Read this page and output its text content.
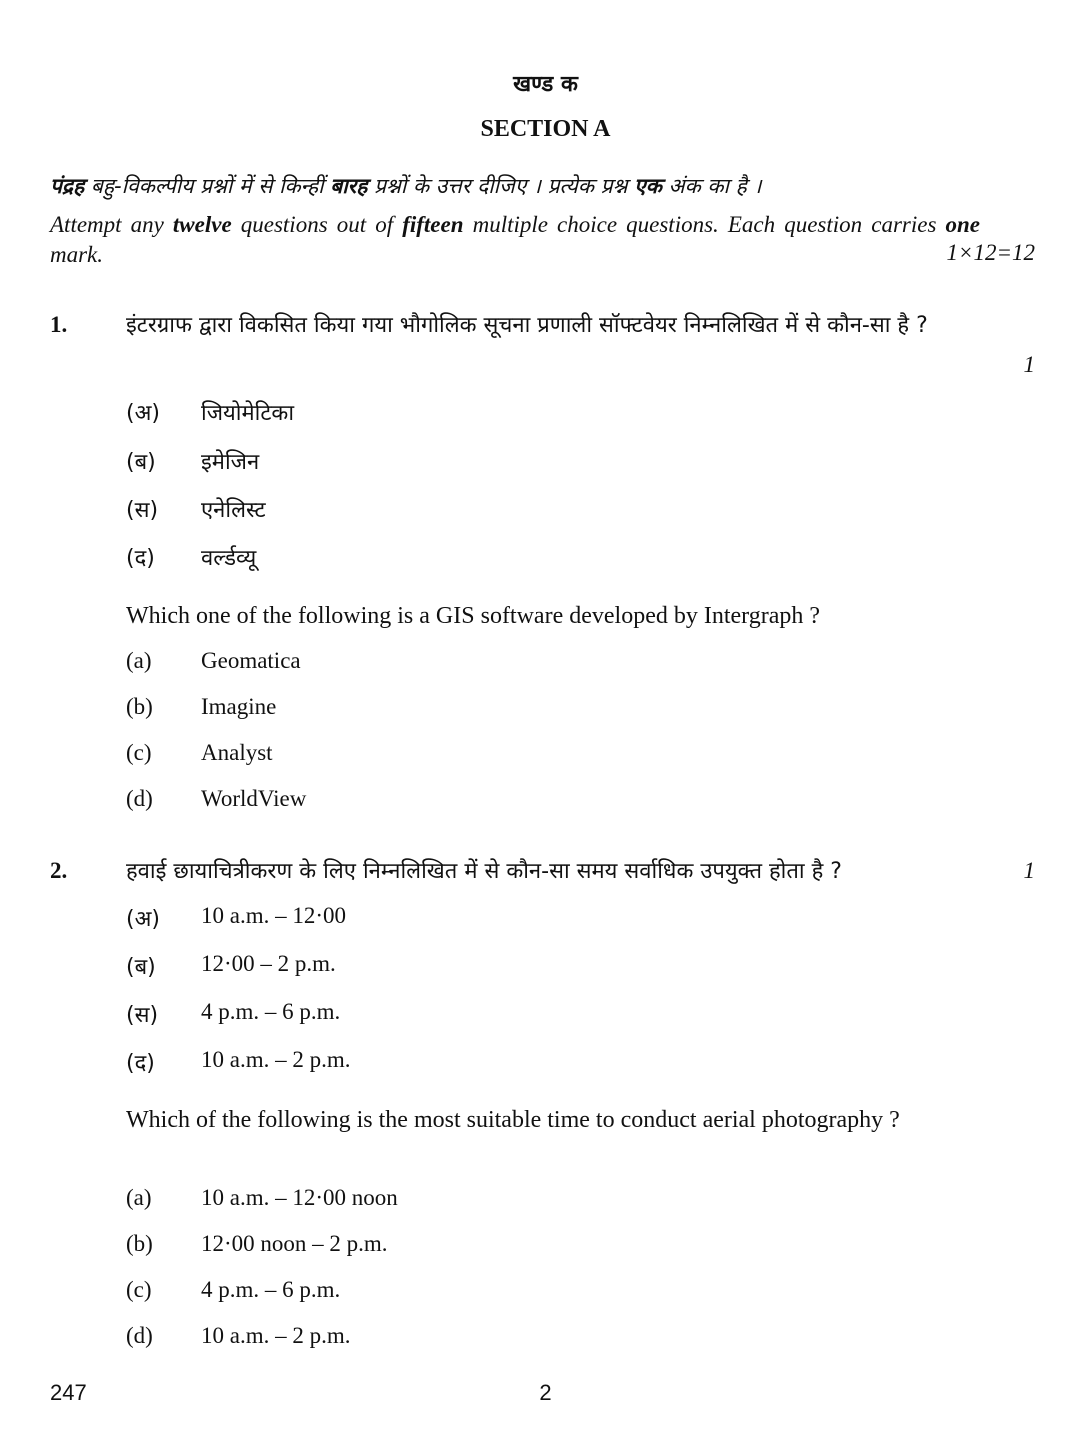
खण्ड क
SECTION A
पंद्रह बहु-विकल्पीय प्रश्नों में से किन्हीं बारह प्रश्नों के उत्तर दीजिए । प्रत्येक प्रश्न एक अंक का है ।
Attempt any twelve questions out of fifteen multiple choice questions. Each question carries one mark.	1×12=12
1.	इंटरग्राफ द्वारा विकसित किया गया भौगोलिक सूचना प्रणाली सॉफ्टवेयर निम्नलिखित में से कौन-सा है ?
1
(अ) जियोमेटिका
(ब) इमेजिन
(स) एनेलिस्ट
(द) वर्ल्डव्यू
Which one of the following is a GIS software developed by Intergraph ?
(a) Geomatica
(b) Imagine
(c) Analyst
(d) WorldView
2.	हवाई छायाचित्रीकरण के लिए निम्नलिखित में से कौन-सा समय सर्वाधिक उपयुक्त होता है ?	1
(अ) 10 a.m. – 12·00
(ब) 12·00 – 2 p.m.
(स) 4 p.m. – 6 p.m.
(द) 10 a.m. – 2 p.m.
Which of the following is the most suitable time to conduct aerial photography ?
(a) 10 a.m. – 12·00 noon
(b) 12·00 noon – 2 p.m.
(c) 4 p.m. – 6 p.m.
(d) 10 a.m. – 2 p.m.
247	2
